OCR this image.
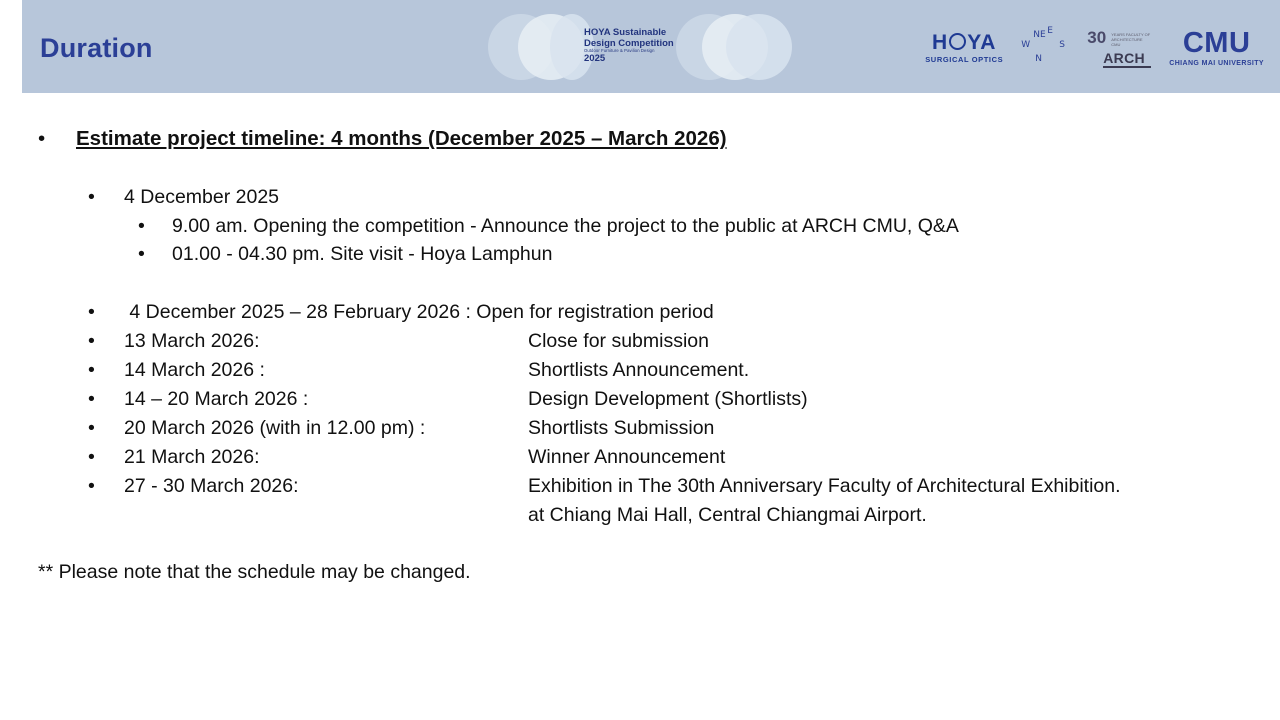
Duration
HOYA Sustainable
Design Competition
Outdoor Furniture & Pavilion Design
2025
H YA
SURGICAL OPTICS
NE E
W	S
N
30 YEARS FACULTY OF ARCHITECTURE CMU
ARCH	CMU
CHIANG MAI UNIVERSITY
• Estimate project timeline: 4 months (December 2025 – March 2026)
• 4 December 2025
• 9.00 am. Opening the competition - Announce the project to the public at ARCH CMU, Q&A
• 01.00 - 04.30 pm. Site visit - Hoya Lamphun
• 4 December 2025 – 28 February 2026 : Open for registration period
• 13 March 2026:	Close for submission
• 14 March 2026 :	Shortlists Announcement.
• 14 – 20 March 2026 :	Design Development (Shortlists)
• 20 March 2026 (with in 12.00 pm) :	Shortlists Submission
• 21 March 2026:	Winner Announcement
• 27 - 30 March 2026:	Exhibition in The 30th Anniversary Faculty of Architectural Exhibition.
at Chiang Mai Hall, Central Chiangmai Airport.
** Please note that the schedule may be changed.
